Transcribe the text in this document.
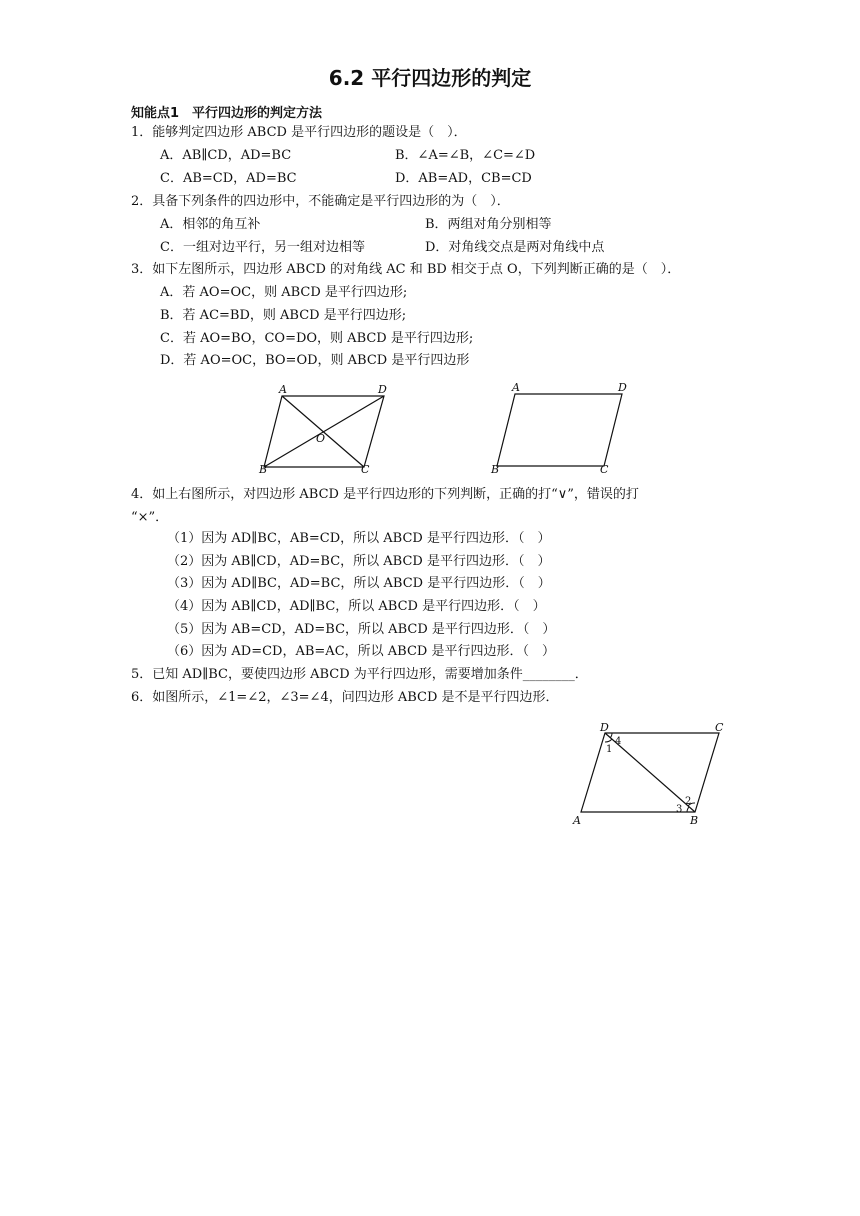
6.2 平行四边形的判定
知能点1　平行四边形的判定方法
1．能够判定四边形 ABCD 是平行四边形的题设是（　）．
A．AB∥CD，AD=BC	B．∠A=∠B，∠C=∠D
C．AB=CD，AD=BC	D．AB=AD，CB=CD
2．具备下列条件的四边形中，不能确定是平行四边形的为（　）．
A．相邻的角互补	B．两组对角分别相等
C．一组对边平行，另一组对边相等	D．对角线交点是两对角线中点
3．如下左图所示，四边形 ABCD 的对角线 AC 和 BD 相交于点 O，下列判断正确的是（　）．
A．若 AO=OC，则 ABCD 是平行四边形;
B．若 AC=BD，则 ABCD 是平行四边形;
C．若 AO=BO，CO=DO，则 ABCD 是平行四边形;
D．若 AO=OC，BO=OD，则 ABCD 是平行四边形
A	D
B	C
O
A	D
B	C
4．如上右图所示，对四边形 ABCD 是平行四边形的下列判断，正确的打“∨”，错误的打
“×”．
（1）因为 AD∥BC，AB=CD，所以 ABCD 是平行四边形．（　）
（2）因为 AB∥CD，AD=BC，所以 ABCD 是平行四边形．（　）
（3）因为 AD∥BC，AD=BC，所以 ABCD 是平行四边形．（　）
（4）因为 AB∥CD，AD∥BC，所以 ABCD 是平行四边形．（　）
（5）因为 AB=CD，AD=BC，所以 ABCD 是平行四边形．（　）
（6）因为 AD=CD，AB=AC，所以 ABCD 是平行四边形．（　）
5．已知 AD∥BC，要使四边形 ABCD 为平行四边形，需要增加条件________．
6．如图所示，∠1=∠2，∠3=∠4，问四边形 ABCD 是不是平行四边形．
D	C
A	B
1
4
2
3
